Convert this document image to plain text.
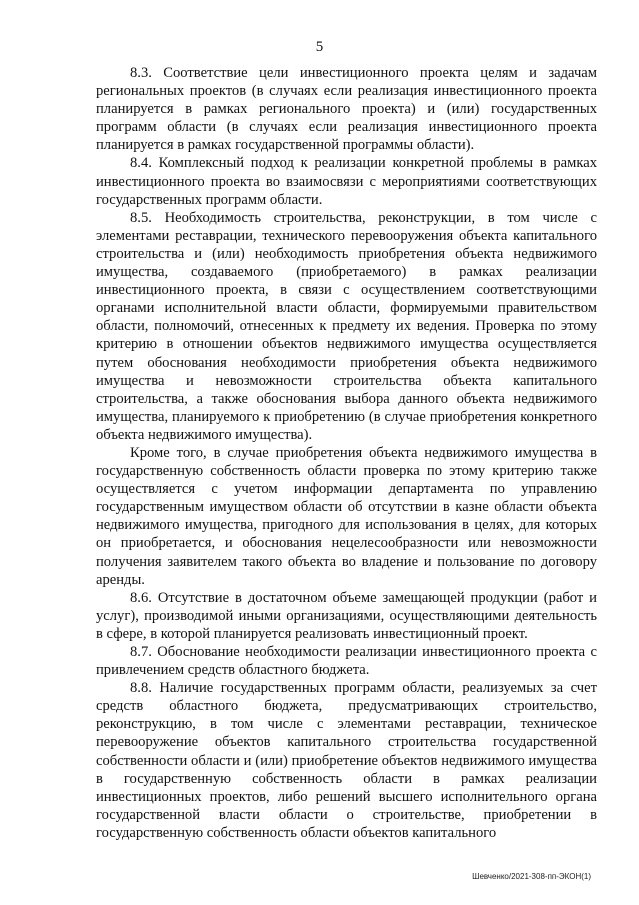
5

8.3. Соответствие цели инвестиционного проекта целям и задачам региональных проектов (в случаях если реализация инвестиционного проекта планируется в рамках регионального проекта) и (или) государственных программ области (в случаях если реализация инвестиционного проекта планируется в рамках государственной программы области).

8.4. Комплексный подход к реализации конкретной проблемы в рамках инвестиционного проекта во взаимосвязи с мероприятиями соответствующих государственных программ области.

8.5. Необходимость строительства, реконструкции, в том числе с элементами реставрации, технического перевооружения объекта капитального строительства и (или) необходимость приобретения объекта недвижимого имущества, создаваемого (приобретаемого) в рамках реализации инвестиционного проекта, в связи с осуществлением соответствующими органами исполнительной власти области, формируемыми правительством области, полномочий, отнесенных к предмету их ведения. Проверка по этому критерию в отношении объектов недвижимого имущества осуществляется путем обоснования необходимости приобретения объекта недвижимого имущества и невозможности строительства объекта капитального строительства, а также обоснования выбора данного объекта недвижимого имущества, планируемого к приобретению (в случае приобретения конкретного объекта недвижимого имущества).

Кроме того, в случае приобретения объекта недвижимого имущества в государственную собственность области проверка по этому критерию также осуществляется с учетом информации департамента по управлению государственным имуществом области об отсутствии в казне области объекта недвижимого имущества, пригодного для использования в целях, для которых он приобретается, и обоснования нецелесообразности или невозможности получения заявителем такого объекта во владение и пользование по договору аренды.

8.6. Отсутствие в достаточном объеме замещающей продукции (работ и услуг), производимой иными организациями, осуществляющими деятельность в сфере, в которой планируется реализовать инвестиционный проект.

8.7. Обоснование необходимости реализации инвестиционного проекта с привлечением средств областного бюджета.

8.8. Наличие государственных программ области, реализуемых за счет средств областного бюджета, предусматривающих строительство, реконструкцию, в том числе с элементами реставрации, техническое перевооружение объектов капитального строительства государственной собственности области и (или) приобретение объектов недвижимого имущества в государственную собственность области в рамках реализации инвестиционных проектов, либо решений высшего исполнительного органа государственной власти области о строительстве, приобретении в государственную собственность области объектов капитального

Шевченко/2021-308-пп-ЭКОН(1)
